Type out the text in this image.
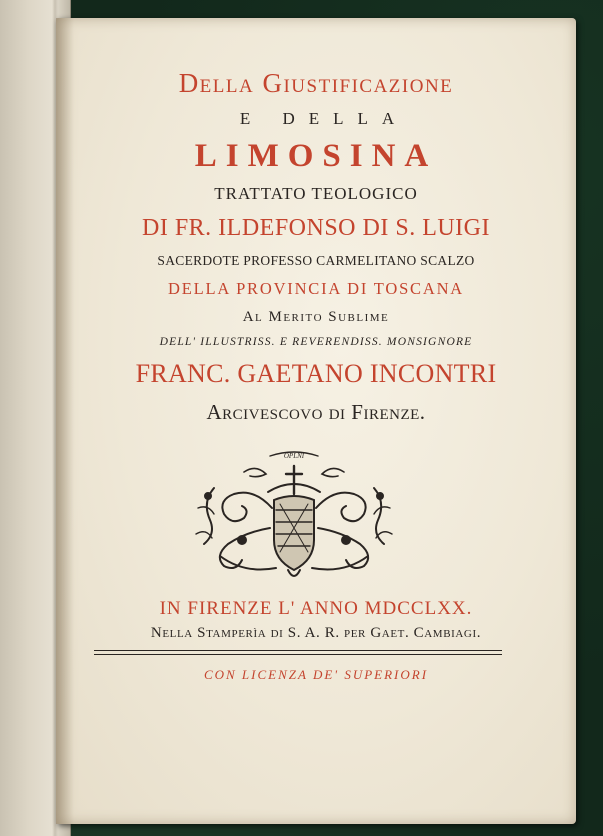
Della Giustificazione
E DELLA
LIMOSINA
TRATTATO TEOLOGICO
DI FR. ILDEFONSO DI S. LUIGI
SACERDOTE PROFESSO CARMELITANO SCALZO
DELLA PROVINCIA DI TOSCANA
Al Merito Sublime
DELL' ILLUSTRISS. E REVERENDISS. MONSIGNORE
FRANC. GAETANO INCONTRI
Arcivescovo di Firenze.
OPLNI
IN FIRENZE L' ANNO MDCCLXX.
Nella Stamperìa di S. A. R. per Gaet. Cambiagi.
CON LICENZA DE' SUPERIORI
